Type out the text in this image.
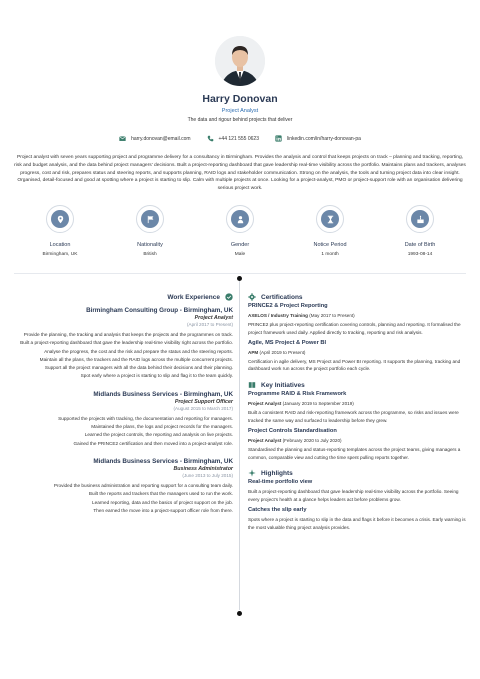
Harry Donovan
Project Analyst
The data and rigour behind projects that deliver
harry.donovan@email.com	+44 121 555 0623	linkedin.com/in/harry-donovan-pa
Project analyst with seven years supporting project and programme delivery for a consultancy in Birmingham. Provides the analysis and control that keeps projects on track – planning and tracking, reporting, risk and budget analysis, and the data behind project managers' decisions. Built a project-reporting dashboard that gave leadership real-time visibility across the portfolio. Maintains plans and trackers, analyses progress, cost and risk, prepares status and steering reports, and supports planning, RAID logs and stakeholder communication. Strong on the analysis, the tools and turning project data into clear insight. Organised, detail-focused and good at spotting where a project is starting to slip. Calm with multiple projects at once. Looking for a project-analyst, PMO or project-support role with an organisation delivering serious project work.
Location
Birmingham, UK
Nationality
British
Gender
Male
Notice Period
1 month
Date of Birth
1993-08-14
Work Experience
Birmingham Consulting Group - Birmingham, UK
Project Analyst
(April 2017 to Present)
Provide the planning, the tracking and analysis that keeps the projects and the programmes on track.
Built a project-reporting dashboard that gave the leadership real-time visibility right across the portfolio.
Analyse the progress, the cost and the risk and prepare the status and the steering reports.
Maintain all the plans, the trackers and the RAID logs across the multiple concurrent projects.
Support all the project managers with all the data behind their decisions and their planning.
Spot early where a project is starting to slip and flag it to the team quickly.
Midlands Business Services - Birmingham, UK
Project Support Officer
(August 2015 to March 2017)
Supported the projects with tracking, the documentation and reporting for managers.
Maintained the plans, the logs and project records for the managers.
Learned the project controls, the reporting and analysis on live projects.
Gained the PRINCE2 certification and then moved into a project-analyst role.
Midlands Business Services - Birmingham, UK
Business Administrator
(June 2013 to July 2015)
Provided the business administration and reporting support for a consulting team daily.
Built the reports and trackers that the managers used to run the work.
Learned reporting, data and the basics of project support on the job.
Then earned the move into a project-support officer role from there.
Certifications
PRINCE2 & Project Reporting
AXELOS / Industry Training (May 2017 to Present)
PRINCE2 plus project-reporting certification covering controls, planning and reporting. It formalised the project framework used daily. Applied directly to tracking, reporting and risk analysis.
Agile, MS Project & Power BI
APM (April 2019 to Present)
Certification in agile delivery, MS Project and Power BI reporting. It supports the planning, tracking and dashboard work run across the project portfolio each cycle.
Key Initiatives
Programme RAID & Risk Framework
Project Analyst (January 2019 to September 2019)
Built a consistent RAID and risk-reporting framework across the programme, so risks and issues were tracked the same way and surfaced to leadership before they grew.
Project Controls Standardisation
Project Analyst (February 2020 to July 2020)
Standardised the planning and status-reporting templates across the project teams, giving managers a common, comparable view and cutting the time spent pulling reports together.
Highlights
Real-time portfolio view
Built a project-reporting dashboard that gave leadership real-time visibility across the portfolio. Seeing every project's health at a glance helps leaders act before problems grow.
Catches the slip early
Spots where a project is starting to slip in the data and flags it before it becomes a crisis. Early warning is the most valuable thing project analysis provides.
